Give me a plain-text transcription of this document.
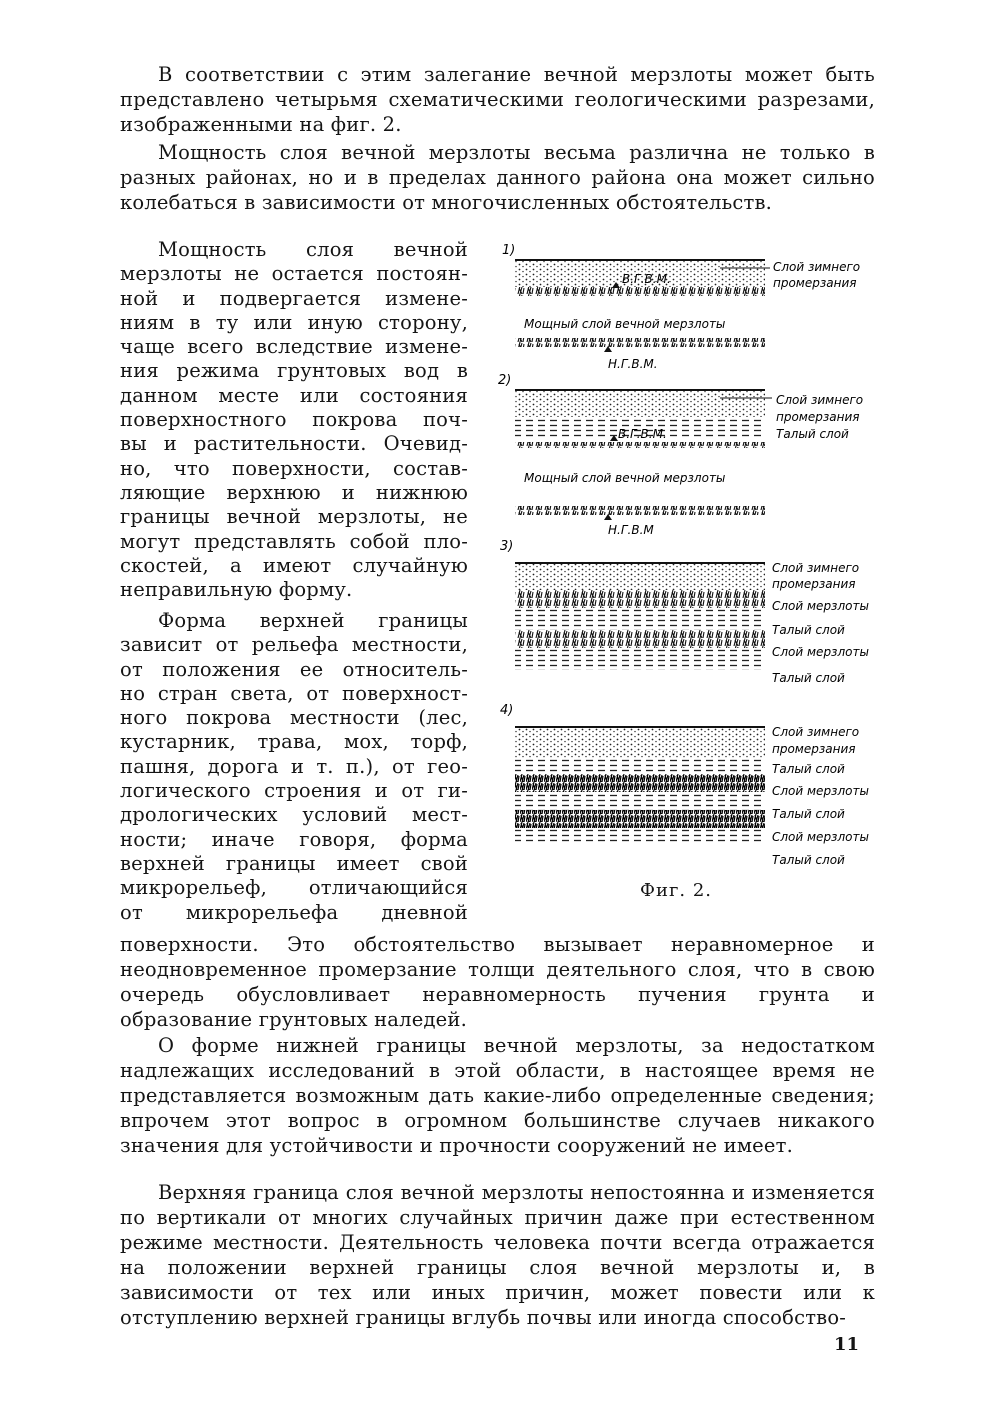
В соответствии с этим залегание вечной мерзлоты может быть представлено четырьмя схематическими геологическими разрезами, изображенными на фиг. 2.

Мощность слоя вечной мерзлоты весьма различна не только в разных районах, но и в пределах данного района она может сильно колебаться в зависимости от многочисленных обстоятельств.

Мощность слоя вечной
мерзлоты не остается постоян-
ной и подвергается измене-
ниям в ту или иную сторону,
чаще всего вследствие измене-
ния режима грунтовых вод в
данном месте или состояния
поверхностного покрова поч-
вы и растительности. Очевид-
но, что поверхности, состав-
ляющие верхнюю и нижнюю
границы вечной мерзлоты, не
могут представлять собой пло-
скостей, а имеют случайную
неправильную форму.
Форма верхней границы
зависит от рельефа местности,
от положения ее относитель-
но стран света, от поверхност-
ного покрова местности (лес,
кустарник, трава, мох, торф,
пашня, дорога и т. п.), от гео-
логического строения и от ги-
дрологических условий мест-
ности; иначе говоря, форма
верхней границы имеет свой
микрорельеф, отличающийся
от микрорельефа дневной
1)
В.Г.В.М.
Слой зимнего
промерзания
Мощный слой вечной мерзлоты
Н.Г.В.М.
2)
В.Г.В.М.
Слой зимнего
промерзания
Талый слой
Мощный слой вечной мерзлоты
Н.Г.В.М
3)
Слой зимнего
промерзания
Слой мерзлоты
Талый слой
Слой мерзлоты
Талый слой
4)
Слой зимнего
промерзания
Талый слой
Слой мерзлоты
Талый слой
Слой мерзлоты
Талый слой
Фиг. 2.

поверхности. Это обстоятельство вызывает неравномерное и неодновременное промерзание толщи деятельного слоя, что в свою очередь обусловливает неравномерность пучения грунта и образование грунтовых наледей.

О форме нижней границы вечной мерзлоты, за недостатком надлежащих исследований в этой области, в настоящее время не представляется возможным дать какие-либо определенные сведения; впрочем этот вопрос в огромном большинстве случаев никакого значения для устойчивости и прочности сооружений не имеет.

Верхняя граница слоя вечной мерзлоты непостоянна и изменяется по вертикали от многих случайных причин даже при естественном режиме местности. Деятельность человека почти всегда отражается на положении верхней границы слоя вечной мерзлоты и, в зависимости от тех или иных причин, может повести или к отступлению верхней границы вглубь почвы или иногда способство-

11
